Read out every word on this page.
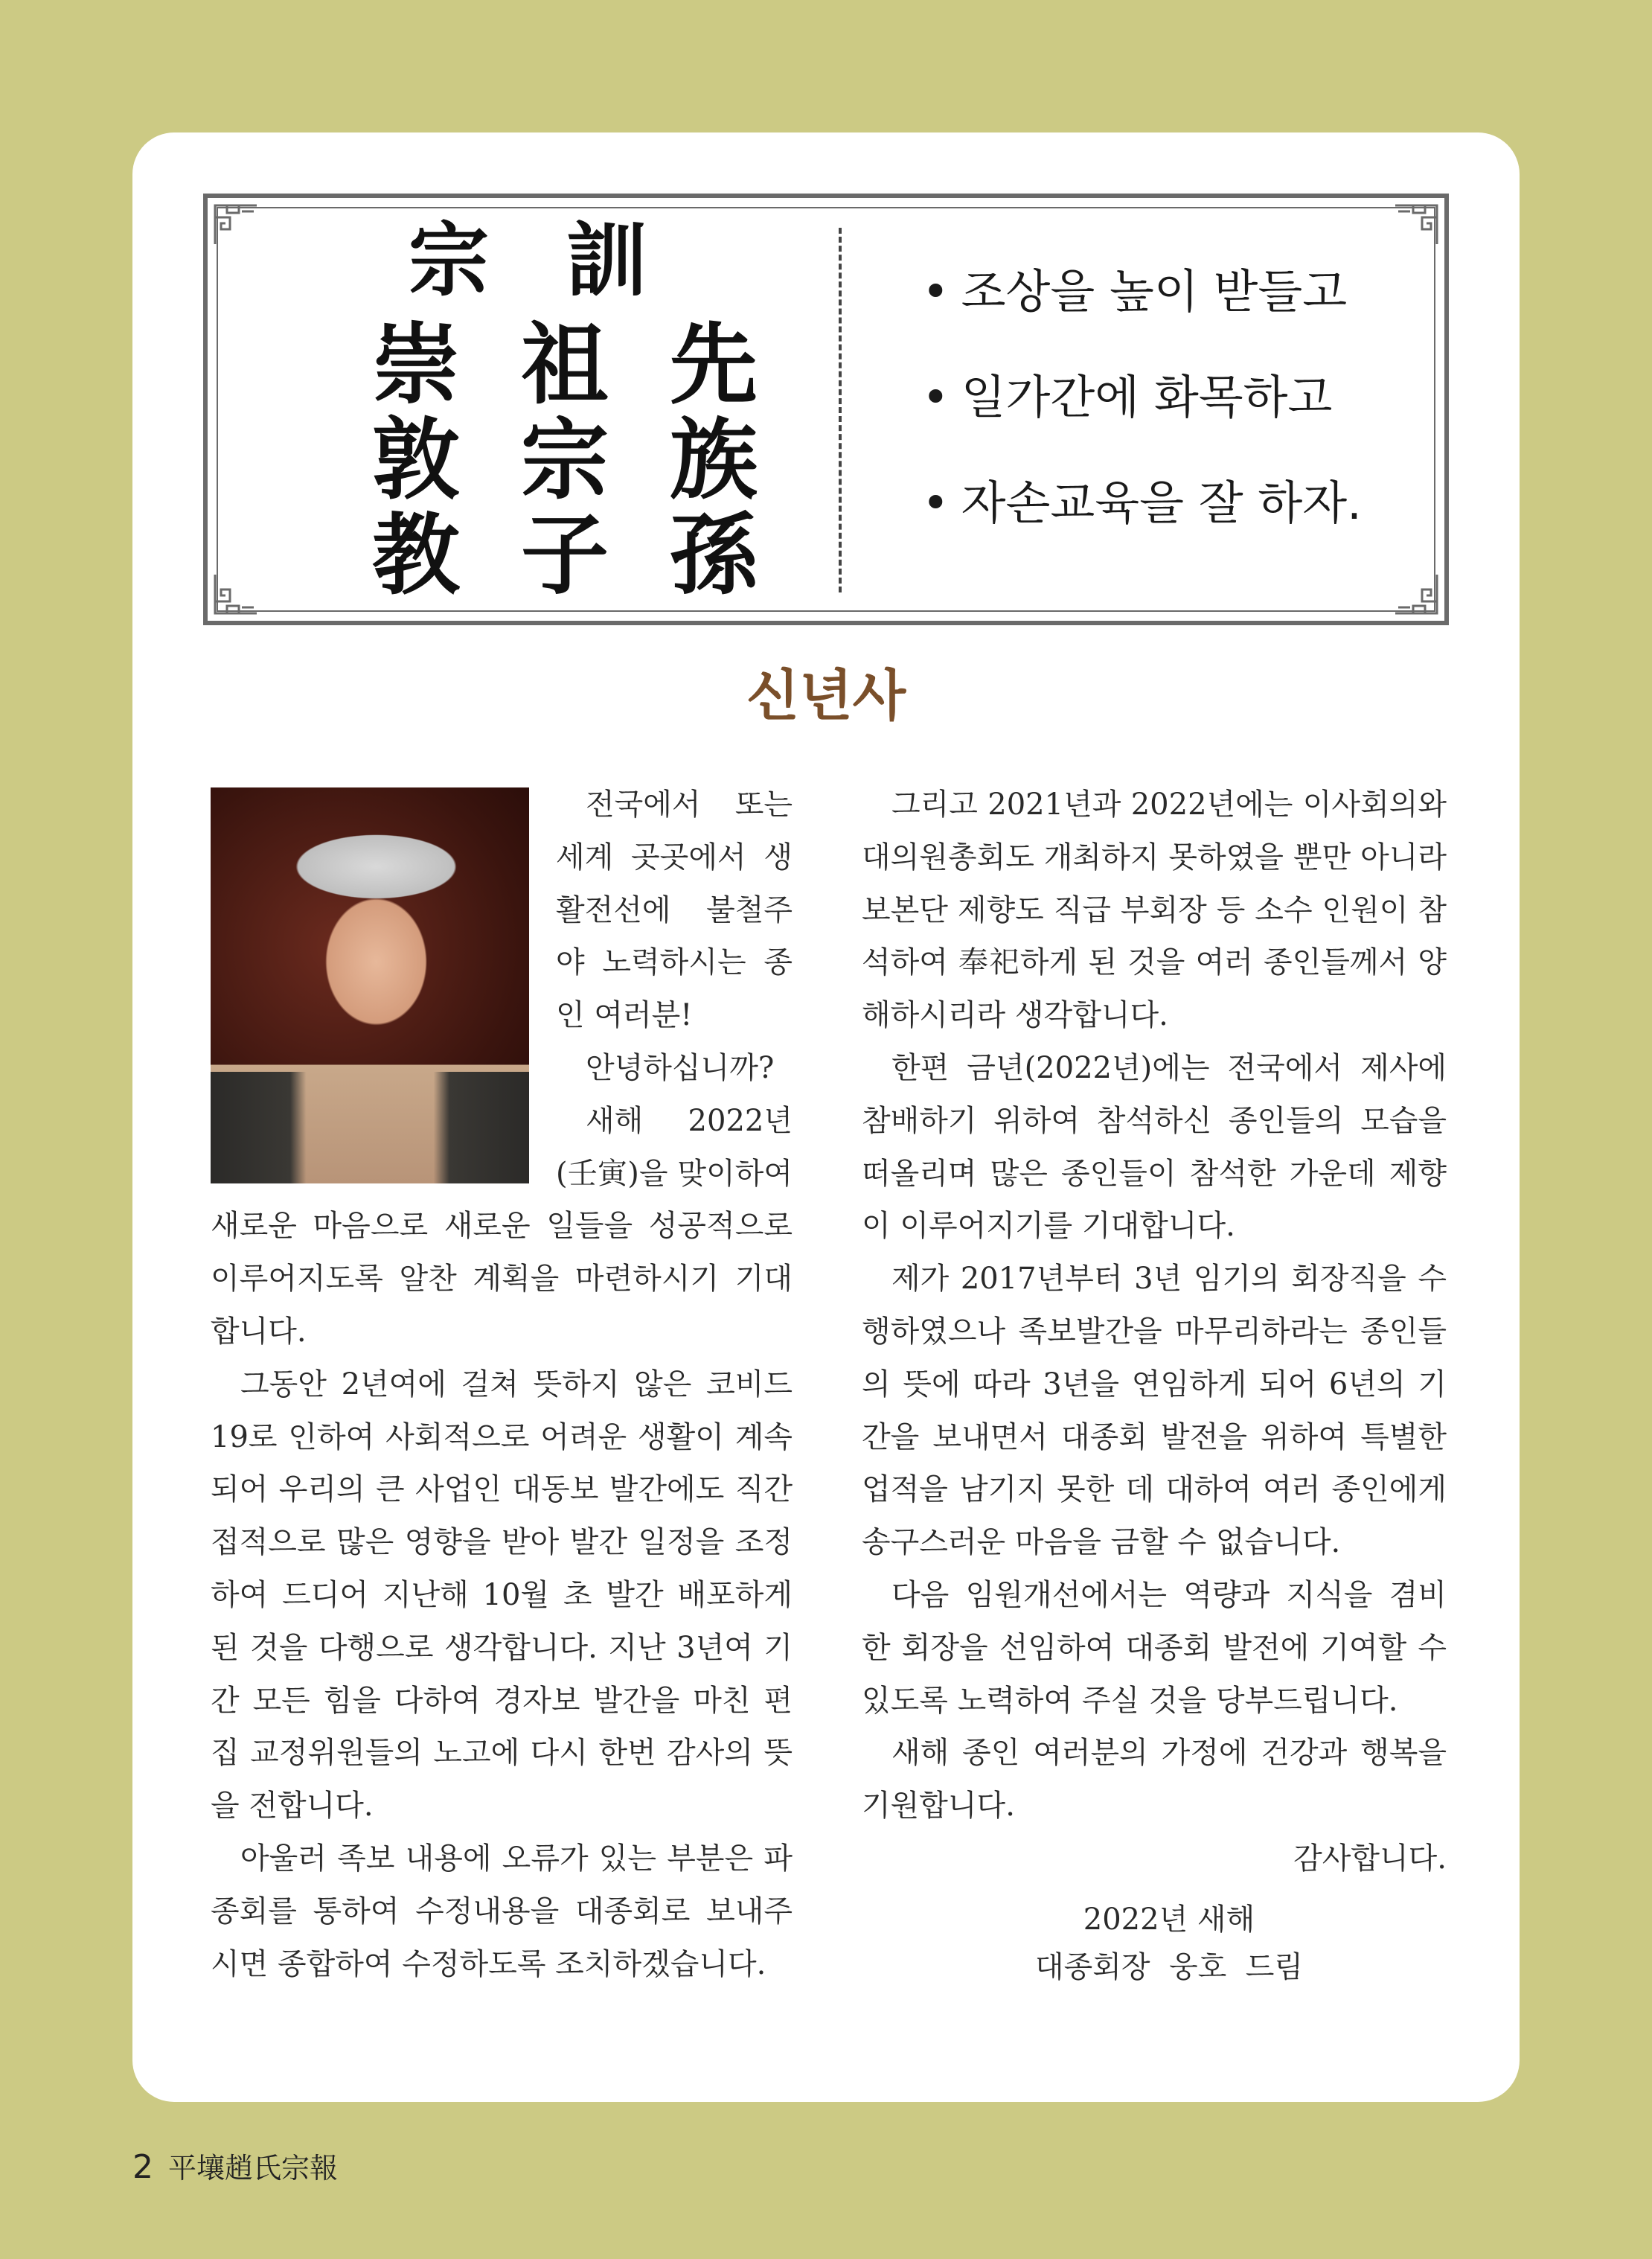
宗 訓
崇 祖 先
敦 宗 族
教 子 孫
• 조상을 높이 받들고
• 일가간에 화목하고
• 자손교육을 잘 하자.
신년사

전국에서 또는 세계 곳곳에서 생활전선에 불철주야 노력하시는 종인 여러분!

안녕하십니까?

새해 2022년(壬寅)을 맞이하여 새로운 마음으로 새로운 일들을 성공적으로 이루어지도록 알찬 계획을 마련하시기 기대합니다.

그동안 2년여에 걸쳐 뜻하지 않은 코비드19로 인하여 사회적으로 어려운 생활이 계속되어 우리의 큰 사업인 대동보 발간에도 직간접적으로 많은 영향을 받아 발간 일정을 조정하여 드디어 지난해 10월 초 발간 배포하게 된 것을 다행으로 생각합니다. 지난 3년여 기간 모든 힘을 다하여 경자보 발간을 마친 편집 교정위원들의 노고에 다시 한번 감사의 뜻을 전합니다.

아울러 족보 내용에 오류가 있는 부분은 파종회를 통하여 수정내용을 대종회로 보내주시면 종합하여 수정하도록 조치하겠습니다.

그리고 2021년과 2022년에는 이사회의와 대의원총회도 개최하지 못하였을 뿐만 아니라 보본단 제향도 직급 부회장 등 소수 인원이 참석하여 奉祀하게 된 것을 여러 종인들께서 양해하시리라 생각합니다.

한편 금년(2022년)에는 전국에서 제사에 참배하기 위하여 참석하신 종인들의 모습을 떠올리며 많은 종인들이 참석한 가운데 제향이 이루어지기를 기대합니다.

제가 2017년부터 3년 임기의 회장직을 수행하였으나 족보발간을 마무리하라는 종인들의 뜻에 따라 3년을 연임하게 되어 6년의 기간을 보내면서 대종회 발전을 위하여 특별한 업적을 남기지 못한 데 대하여 여러 종인에게 송구스러운 마음을 금할 수 없습니다.

다음 임원개선에서는 역량과 지식을 겸비한 회장을 선임하여 대종회 발전에 기여할 수 있도록 노력하여 주실 것을 당부드립니다.

새해 종인 여러분의 가정에 건강과 행복을 기원합니다.

감사합니다.

2022년 새해

대종회장  웅호  드림

2 平壤趙氏宗報
